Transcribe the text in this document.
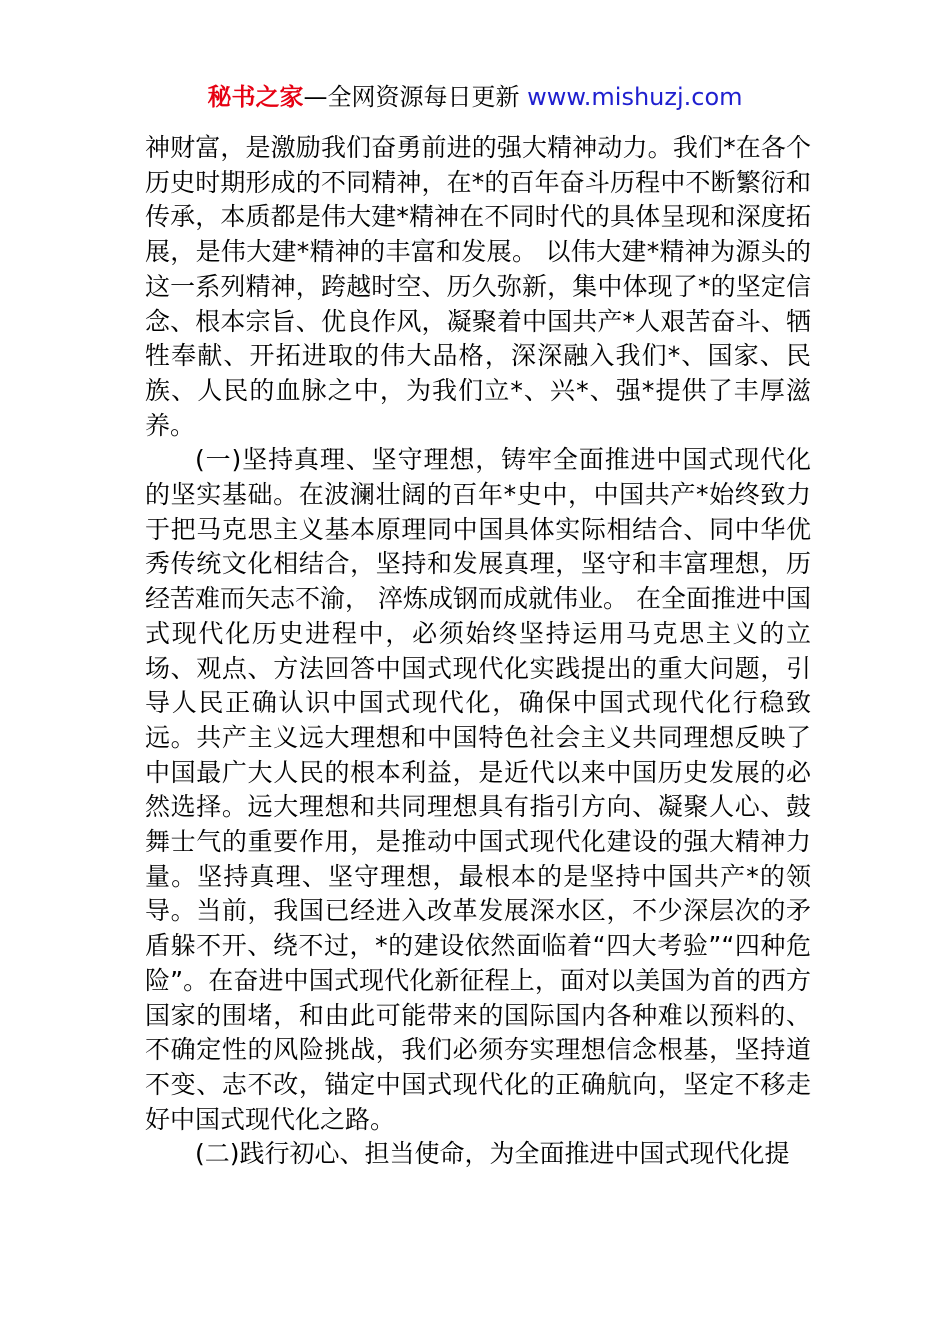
秘书之家—全网资源每日更新 www.mishuzj.com

神财富，是激励我们奋勇前进的强大精神动力。我们*在各个历史时期形成的不同精神，在*的百年奋斗历程中不断繁衍和传承，本质都是伟大建*精神在不同时代的具体呈现和深度拓展，是伟大建*精神的丰富和发展。 以伟大建*精神为源头的这一系列精神，跨越时空、历久弥新，集中体现了*的坚定信念、根本宗旨、优良作风，凝聚着中国共产*人艰苦奋斗、牺牲奉献、开拓进取的伟大品格，深深融入我们*、国家、民族、人民的血脉之中，为我们立*、兴*、强*提供了丰厚滋养。

(一)坚持真理、坚守理想，铸牢全面推进中国式现代化的坚实基础。在波澜壮阔的百年*史中，中国共产*始终致力于把马克思主义基本原理同中国具体实际相结合、同中华优秀传统文化相结合，坚持和发展真理，坚守和丰富理想，历经苦难而矢志不渝， 淬炼成钢而成就伟业。 在全面推进中国式现代化历史进程中，必须始终坚持运用马克思主义的立场、观点、方法回答中国式现代化实践提出的重大问题，引导人民正确认识中国式现代化，确保中国式现代化行稳致远。共产主义远大理想和中国特色社会主义共同理想反映了中国最广大人民的根本利益，是近代以来中国历史发展的必然选择。远大理想和共同理想具有指引方向、凝聚人心、鼓舞士气的重要作用，是推动中国式现代化建设的强大精神力量。坚持真理、坚守理想，最根本的是坚持中国共产*的领导。当前，我国已经进入改革发展深水区，不少深层次的矛盾躲不开、绕不过，*的建设依然面临着“四大考验”“四种危险”。在奋进中国式现代化新征程上，面对以美国为首的西方国家的围堵，和由此可能带来的国际国内各种难以预料的、不确定性的风险挑战，我们必须夯实理想信念根基，坚持道不变、志不改，锚定中国式现代化的正确航向，坚定不移走好中国式现代化之路。

(二)践行初心、担当使命，为全面推进中国式现代化提
